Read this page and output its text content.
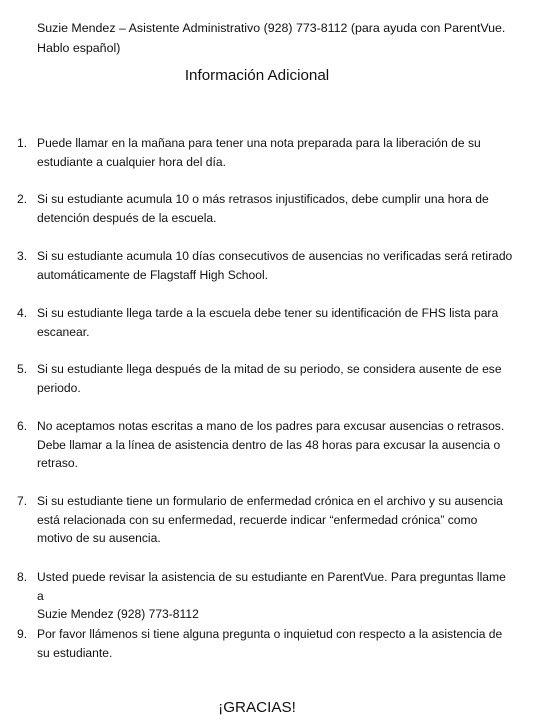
Suzie Mendez – Asistente Administrativo (928) 773-8112 (para ayuda con ParentVue.
Hablo español)
Información Adicional
1. Puede llamar en la mañana para tener una nota preparada para la liberación de su
estudiante a cualquier hora del día.
2. Si su estudiante acumula 10 o más retrasos injustificados, debe cumplir una hora de
detención después de la escuela.
3. Si su estudiante acumula 10 días consecutivos de ausencias no verificadas será retirado
automáticamente de Flagstaff High School.
4. Si su estudiante llega tarde a la escuela debe tener su identificación de FHS lista para
escanear.
5. Si su estudiante llega después de la mitad de su periodo, se considera ausente de ese
periodo.
6. No aceptamos notas escritas a mano de los padres para excusar ausencias o retrasos.
Debe llamar a la línea de asistencia dentro de las 48 horas para excusar la ausencia o
retraso.
7. Si su estudiante tiene un formulario de enfermedad crónica en el archivo y su ausencia
está relacionada con su enfermedad, recuerde indicar “enfermedad crónica” como
motivo de su ausencia.
8. Usted puede revisar la asistencia de su estudiante en ParentVue. Para preguntas llame a
Suzie Mendez (928) 773-8112
9. Por favor llámenos si tiene alguna pregunta o inquietud con respecto a la asistencia de
su estudiante.
¡GRACIAS!
